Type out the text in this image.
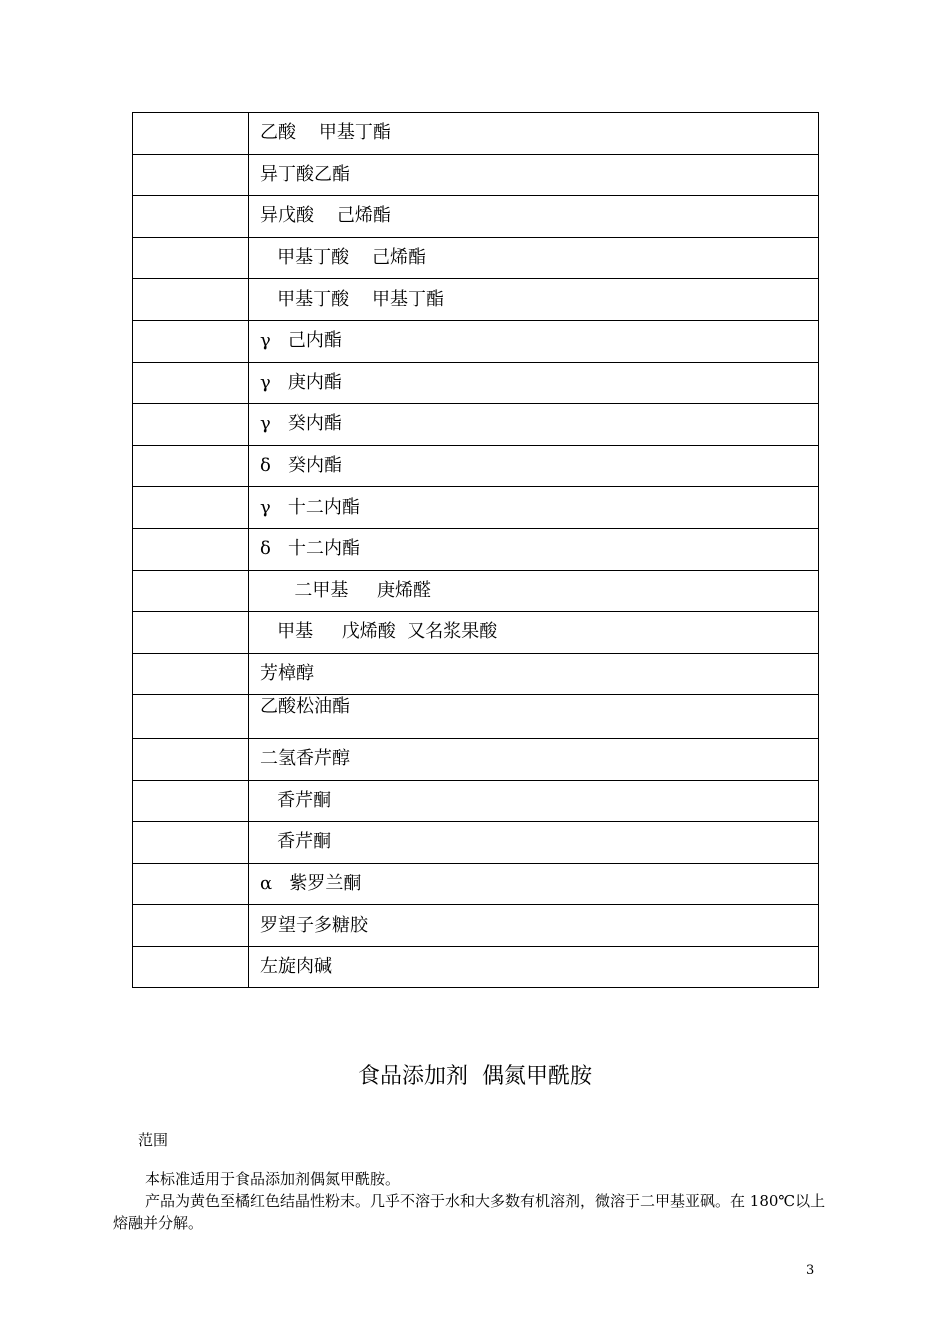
	乙酸    甲基丁酯
	异丁酸乙酯
	异戊酸    己烯酯
	甲基丁酸    己烯酯
	甲基丁酸    甲基丁酯
	γ   己内酯
	γ   庚内酯
	γ   癸内酯
	δ   癸内酯
	γ   十二内酯
	δ   十二内酯
	二甲基     庚烯醛
	甲基     戊烯酸  又名浆果酸
	芳樟醇
	乙酸松油酯
	二氢香芹醇
	香芹酮
	香芹酮
	α   紫罗兰酮
	罗望子多糖胶
	左旋肉碱
食品添加剂  偶氮甲酰胺
范围

本标准适用于食品添加剂偶氮甲酰胺。

产品为黄色至橘红色结晶性粉末。几乎不溶于水和大多数有机溶剂，微溶于二甲基亚砜。在 180℃以上熔融并分解。

3
